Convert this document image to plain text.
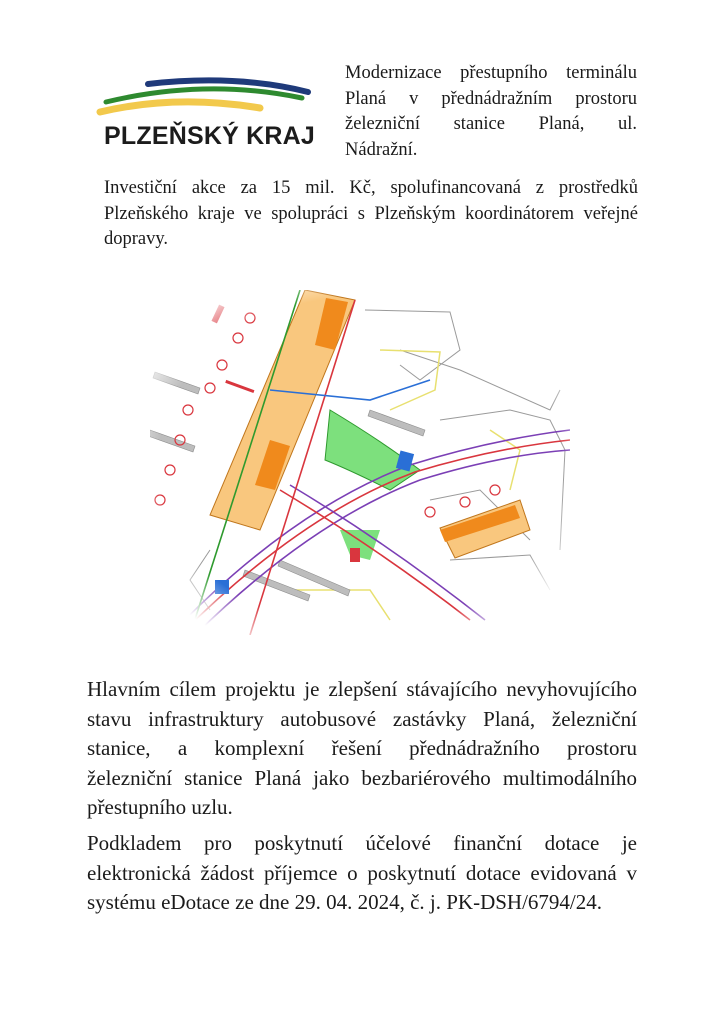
PLZEŇSKÝ KRAJ
Modernizace přestupního terminálu
Planá v přednádražním prostoru
železniční stanice Planá, ul.
Nádražní.
Investiční akce za 15 mil. Kč, spolufinancovaná z prostředků
Plzeňského kraje ve spolupráci s Plzeňským koordinátorem veřejné
dopravy.
Hlavním cílem projektu je zlepšení stávajícího nevyhovujícího
stavu infrastruktury autobusové zastávky Planá, železniční
stanice, a komplexní řešení přednádražního prostoru
železniční stanice Planá jako bezbariérového multimodálního
přestupního uzlu.
Podkladem pro poskytnutí účelové finanční dotace je
elektronická žádost příjemce o poskytnutí dotace evidovaná v
systému eDotace ze dne 29. 04. 2024, č. j. PK-DSH/6794/24.
